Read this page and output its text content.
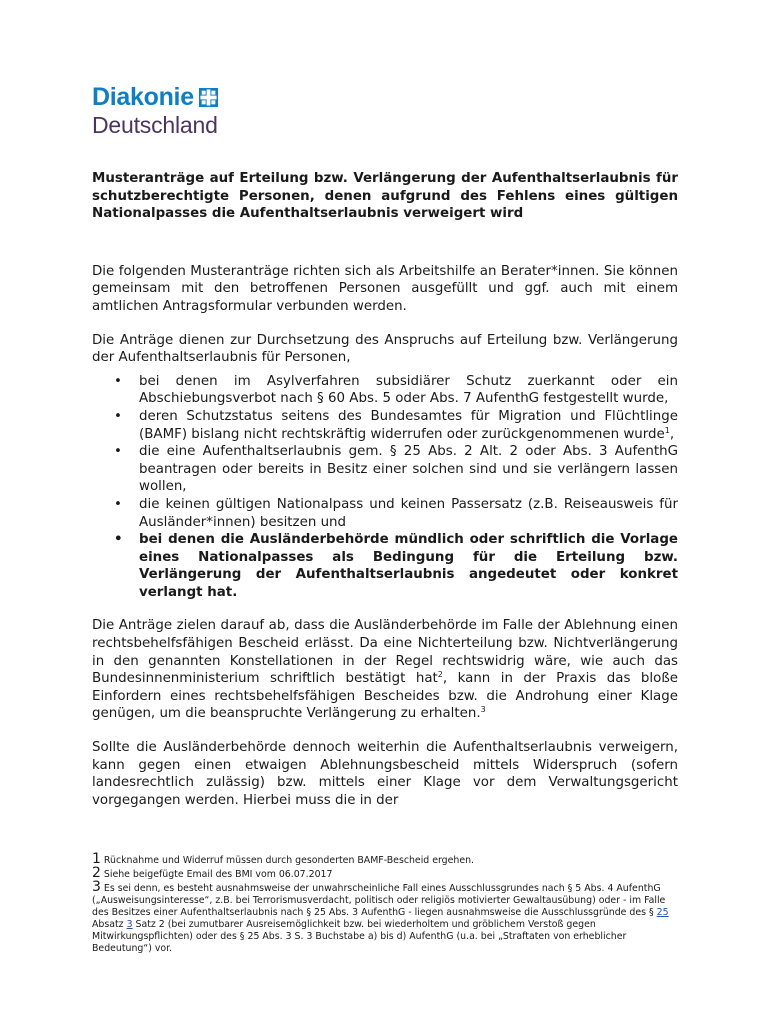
Diakonie
Deutschland

Musteranträge auf Erteilung bzw. Verlängerung der Aufenthaltserlaubnis für schutzberechtigte Personen, denen aufgrund des Fehlens eines gültigen Nationalpasses die Aufenthaltserlaubnis verweigert wird

Die folgenden Musteranträge richten sich als Arbeitshilfe an Berater*innen. Sie können gemeinsam mit den betroffenen Personen ausgefüllt und ggf. auch mit einem amtlichen Antragsformular verbunden werden.

Die Anträge dienen zur Durchsetzung des Anspruchs auf Erteilung bzw. Verlängerung der Aufenthaltserlaubnis für Personen,

• bei denen im Asylverfahren subsidiärer Schutz zuerkannt oder ein Abschiebungsverbot nach § 60 Abs. 5 oder Abs. 7 AufenthG festgestellt wurde,
• deren Schutzstatus seitens des Bundesamtes für Migration und Flüchtlinge (BAMF) bislang nicht rechtskräftig widerrufen oder zurückgenommenen wurde$^1$,
• die eine Aufenthaltserlaubnis gem. § 25 Abs. 2 Alt. 2 oder Abs. 3 AufenthG beantragen oder bereits in Besitz einer solchen sind und sie verlängern lassen wollen,
• die keinen gültigen Nationalpass und keinen Passersatz (z.B. Reiseausweis für Ausländer*innen) besitzen und
• bei denen die Ausländerbehörde mündlich oder schriftlich die Vorlage eines Nationalpasses als Bedingung für die Erteilung bzw. Verlängerung der Aufenthaltserlaubnis angedeutet oder konkret verlangt hat.

Die Anträge zielen darauf ab, dass die Ausländerbehörde im Falle der Ablehnung einen rechtsbehelfsfähigen Bescheid erlässt. Da eine Nichterteilung bzw. Nichtverlängerung in den genannten Konstellationen in der Regel rechtswidrig wäre, wie auch das Bundesinnenministerium schriftlich bestätigt hat$^2$, kann in der Praxis das bloße Einfordern eines rechtsbehelfsfähigen Bescheides bzw. die Androhung einer Klage genügen, um die beanspruchte Verlängerung zu erhalten.$^3$

Sollte die Ausländerbehörde dennoch weiterhin die Aufenthaltserlaubnis verweigern, kann gegen einen etwaigen Ablehnungsbescheid mittels Widerspruch (sofern landesrechtlich zulässig) bzw. mittels einer Klage vor dem Verwaltungsgericht vorgegangen werden. Hierbei muss die in der

1 Rücknahme und Widerruf müssen durch gesonderten BAMF-Bescheid ergehen.

2 Siehe beigefügte Email des BMI vom 06.07.2017

3 Es sei denn, es besteht ausnahmsweise der unwahrscheinliche Fall eines Ausschlussgrundes nach § 5 Abs. 4 AufenthG („Ausweisungsinteresse“, z.B. bei Terrorismusverdacht, politisch oder religiös motivierter Gewaltausübung) oder - im Falle des Besitzes einer Aufenthaltserlaubnis nach § 25 Abs. 3 AufenthG - liegen ausnahmsweise die Ausschlussgründe des § 25 Absatz 3 Satz 2 (bei zumutbarer Ausreisemöglichkeit bzw. bei wiederholtem und gröblichem Verstoß gegen Mitwirkungspflichten) oder des § 25 Abs. 3 S. 3 Buchstabe a) bis d) AufenthG (u.a. bei „Straftaten von erheblicher Bedeutung“) vor.
